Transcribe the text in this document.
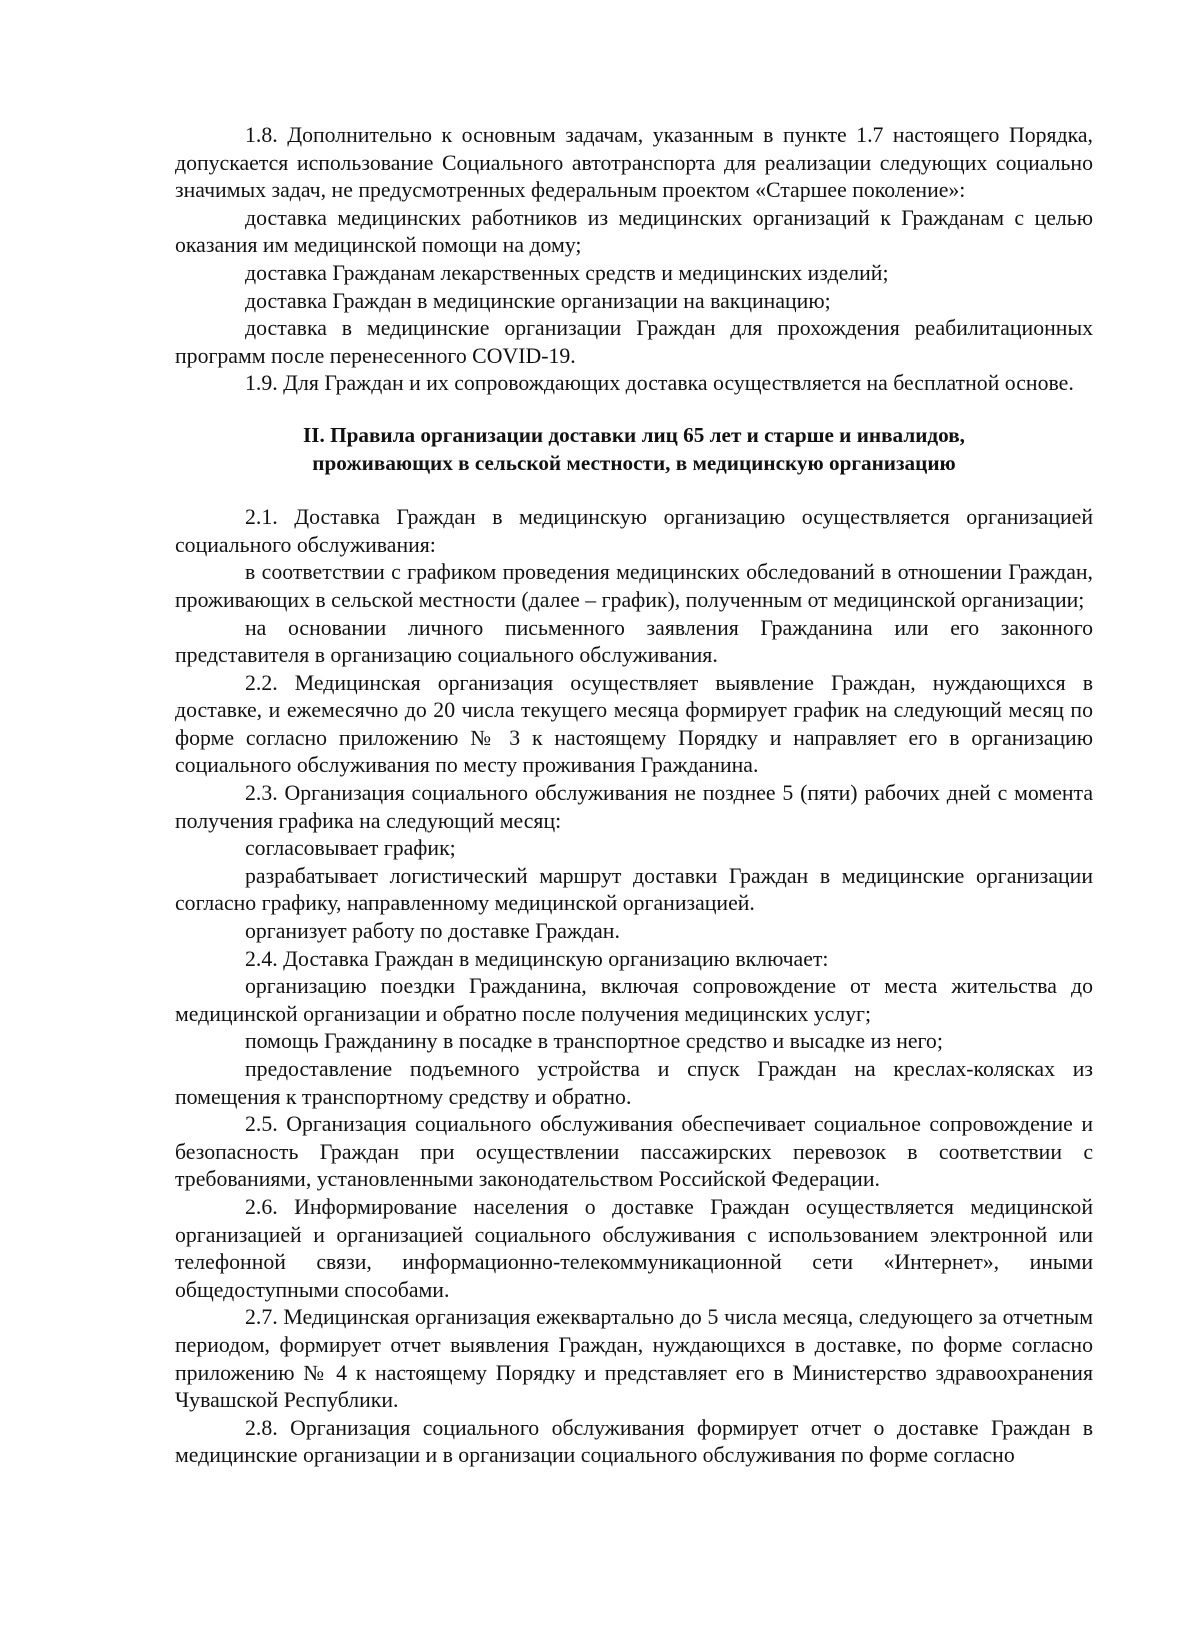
1.8. Дополнительно к основным задачам, указанным в пункте 1.7 настоящего Порядка, допускается использование Социального автотранспорта для реализации следующих социально значимых задач, не предусмотренных федеральным проектом «Старшее поколение»:

доставка медицинских работников из медицинских организаций к Гражданам с целью оказания им медицинской помощи на дому;

доставка Гражданам лекарственных средств и медицинских изделий;

доставка Граждан в медицинские организации на вакцинацию;

доставка в медицинские организации Граждан для прохождения реабилитационных программ после перенесенного COVID-19.

1.9. Для Граждан и их сопровождающих доставка осуществляется на бесплатной основе.

II. Правила организации доставки лиц 65 лет и старше и инвалидов,

проживающих в сельской местности, в медицинскую организацию

2.1. Доставка Граждан в медицинскую организацию осуществляется организацией социального обслуживания:

в соответствии с графиком проведения медицинских обследований в отношении Граждан, проживающих в сельской местности (далее – график), полученным от медицинской организации;

на основании личного письменного заявления Гражданина или его законного представителя в организацию социального обслуживания.

2.2. Медицинская организация осуществляет выявление Граждан, нуждающихся в доставке, и ежемесячно до 20 числа текущего месяца формирует график на следующий месяц по форме согласно приложению № 3 к настоящему Порядку и направляет его в организацию социального обслуживания по месту проживания Гражданина.

2.3. Организация социального обслуживания не позднее 5 (пяти) рабочих дней с момента получения графика на следующий месяц:

согласовывает график;

разрабатывает логистический маршрут доставки Граждан в медицинские организации согласно графику, направленному медицинской организацией.

организует работу по доставке Граждан.

2.4. Доставка Граждан в медицинскую организацию включает:

организацию поездки Гражданина, включая сопровождение от места жительства до медицинской организации и обратно после получения медицинских услуг;

помощь Гражданину в посадке в транспортное средство и высадке из него;

предоставление подъемного устройства и спуск Граждан на креслах-колясках из помещения к транспортному средству и обратно.

2.5. Организация социального обслуживания обеспечивает социальное сопровождение и безопасность Граждан при осуществлении пассажирских перевозок в соответствии с требованиями, установленными законодательством Российской Федерации.

2.6. Информирование населения о доставке Граждан осуществляется медицинской организацией и организацией социального обслуживания с использованием электронной или телефонной связи, информационно-телекоммуникационной сети «Интернет», иными общедоступными способами.

2.7. Медицинская организация ежеквартально до 5 числа месяца, следующего за отчетным периодом, формирует отчет выявления Граждан, нуждающихся в доставке, по форме согласно приложению № 4 к настоящему Порядку и представляет его в Министерство здравоохранения Чувашской Республики.

2.8. Организация социального обслуживания формирует отчет о доставке Граждан в медицинские организации и в организации социального обслуживания по форме согласно
